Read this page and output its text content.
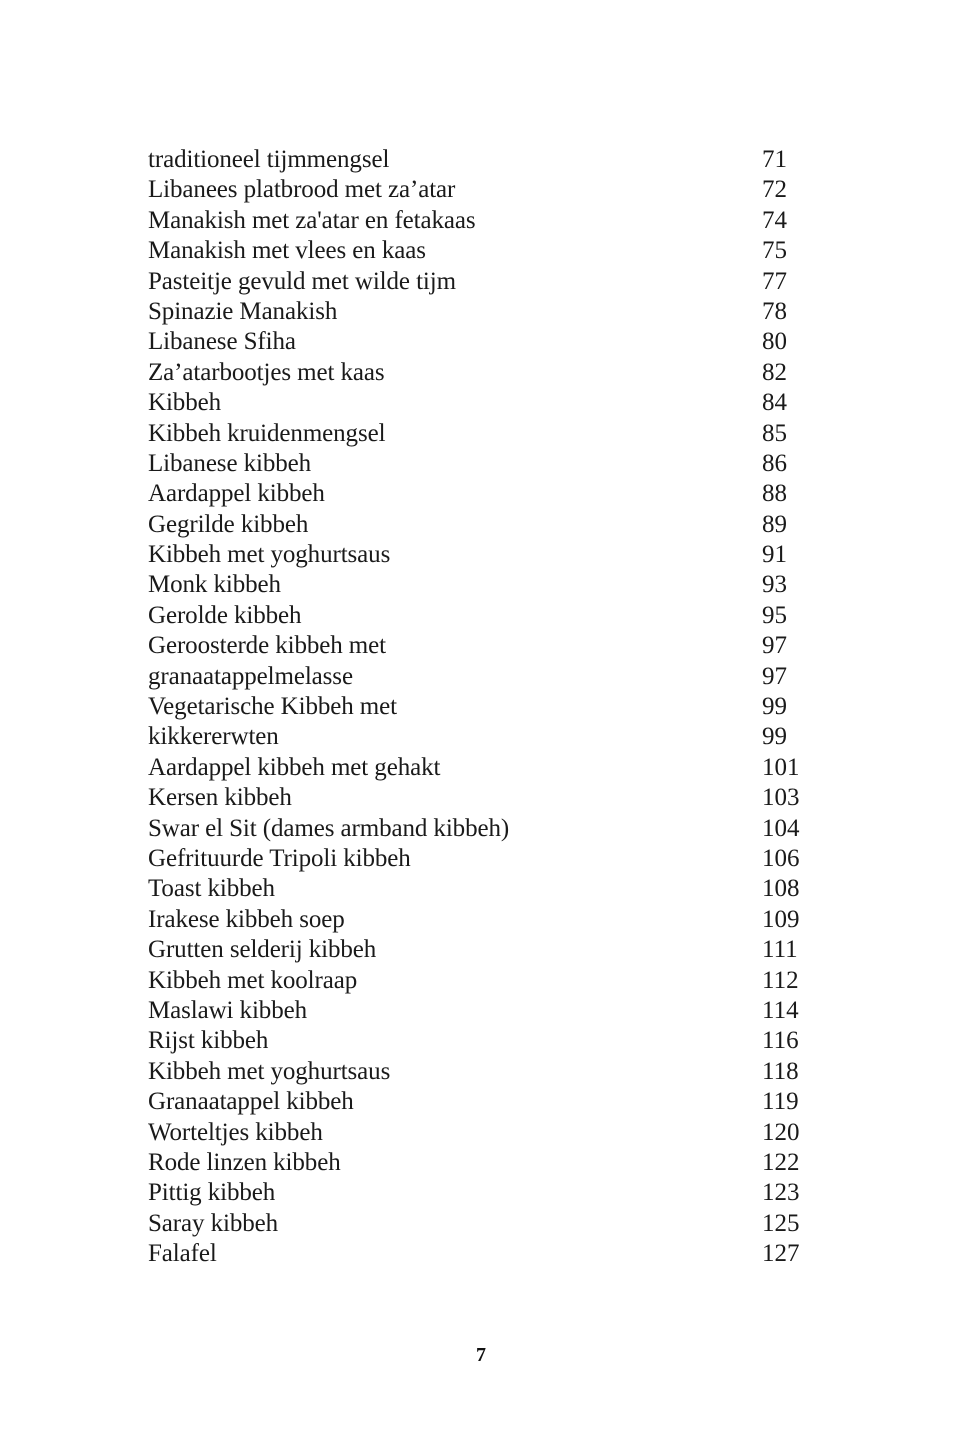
traditioneel tijmmengsel	71
Libanees platbrood met za’atar	72
Manakish met za'atar en fetakaas	74
Manakish met vlees en kaas	75
Pasteitje gevuld met wilde tijm	77
Spinazie Manakish	78
Libanese Sfiha	80
Za’atarbootjes met kaas	82
Kibbeh	84
Kibbeh kruidenmengsel	85
Libanese kibbeh	86
Aardappel kibbeh	88
Gegrilde kibbeh	89
Kibbeh met yoghurtsaus	91
Monk kibbeh	93
Gerolde kibbeh	95
Geroosterde kibbeh met	97
granaatappelmelasse	97
Vegetarische Kibbeh met	99
kikkererwten	99
Aardappel kibbeh met gehakt	101
Kersen kibbeh	103
Swar el Sit (dames armband kibbeh)	104
Gefrituurde Tripoli kibbeh	106
Toast kibbeh	108
Irakese kibbeh soep	109
Grutten selderij kibbeh	111
Kibbeh met koolraap	112
Maslawi kibbeh	114
Rijst kibbeh	116
Kibbeh met yoghurtsaus	118
Granaatappel kibbeh	119
Worteltjes kibbeh	120
Rode linzen kibbeh	122
Pittig kibbeh	123
Saray kibbeh	125
Falafel	127
7
